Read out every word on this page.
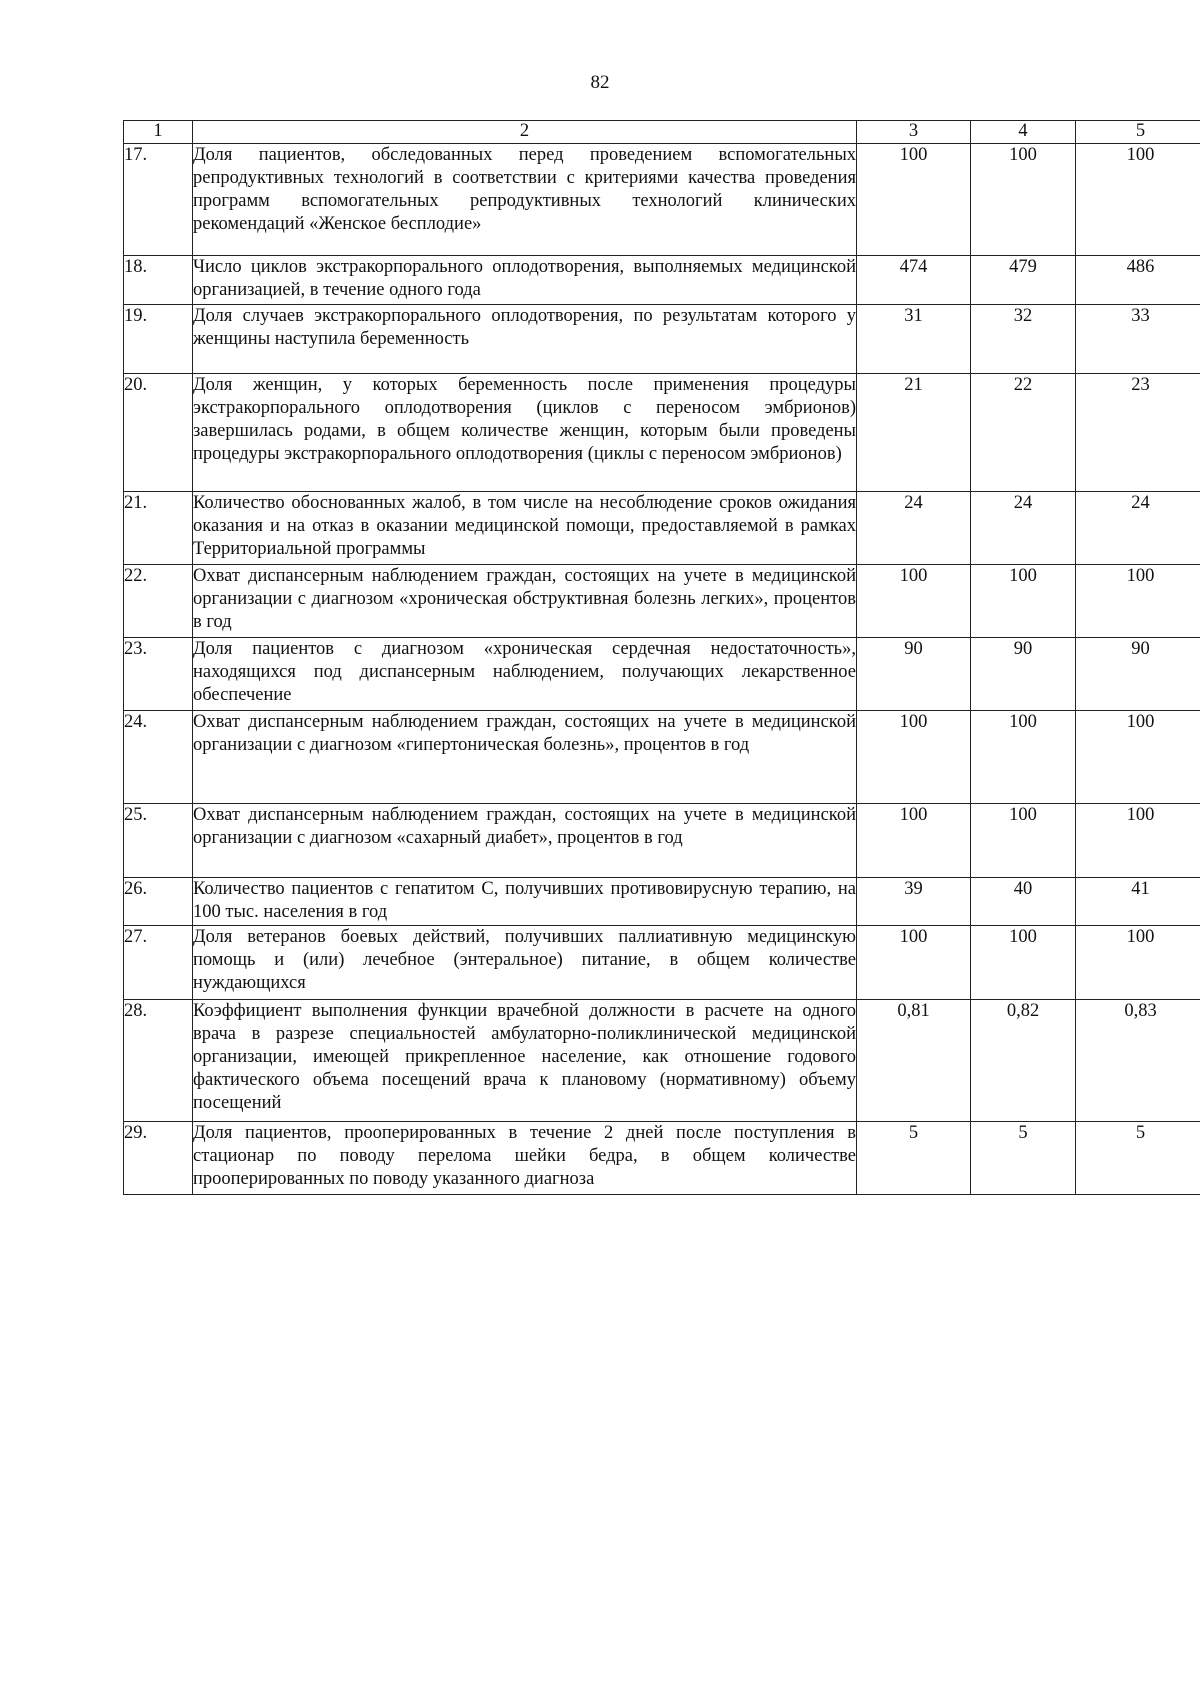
82
1	2	3	4	5
17.	Доля пациентов, обследованных перед проведением вспомогательных репродуктивных технологий в соответствии с критериями качества проведения программ вспомогательных репродуктивных технологий клинических рекомендаций «Женское бесплодие»	100	100	100
18.	Число циклов экстракорпорального оплодотворения, выполняемых медицинской организацией, в течение одного года	474	479	486
19.	Доля случаев экстракорпорального оплодотворения, по результатам которого у женщины наступила беременность	31	32	33
20.	Доля женщин, у которых беременность после применения процедуры экстракорпорального оплодотворения (циклов с переносом эмбрионов) завершилась родами, в общем количестве женщин, которым были проведены процедуры экстракорпорального оплодотворения (циклы с переносом эмбрионов)	21	22	23
21.	Количество обоснованных жалоб, в том числе на несоблюдение сроков ожидания оказания и на отказ в оказании медицинской помощи, предоставляемой в рамках Территориальной программы	24	24	24
22.	Охват диспансерным наблюдением граждан, состоящих на учете в медицинской организации с диагнозом «хроническая обструктивная болезнь легких», процентов в год	100	100	100
23.	Доля пациентов с диагнозом «хроническая сердечная недостаточность», находящихся под диспансерным наблюдением, получающих лекарственное обеспечение	90	90	90
24.	Охват диспансерным наблюдением граждан, состоящих на учете в медицинской организации с диагнозом «гипертоническая болезнь», процентов в год	100	100	100
25.	Охват диспансерным наблюдением граждан, состоящих на учете в медицинской организации с диагнозом «сахарный диабет», процентов в год	100	100	100
26.	Количество пациентов с гепатитом С, получивших противовирусную терапию, на 100 тыс. населения в год	39	40	41
27.	Доля ветеранов боевых действий, получивших паллиативную медицинскую помощь и (или) лечебное (энтеральное) питание, в общем количестве нуждающихся	100	100	100
28.	Коэффициент выполнения функции врачебной должности в расчете на одного врача в разрезе специальностей амбулаторно-поликлинической медицинской организации, имеющей прикрепленное население, как отношение годового фактического объема посещений врача к плановому (нормативному) объему посещений	0,81	0,82	0,83
29.	Доля пациентов, прооперированных в течение 2 дней после поступления в стационар по поводу перелома шейки бедра, в общем количестве прооперированных по поводу указанного диагноза	5	5	5
